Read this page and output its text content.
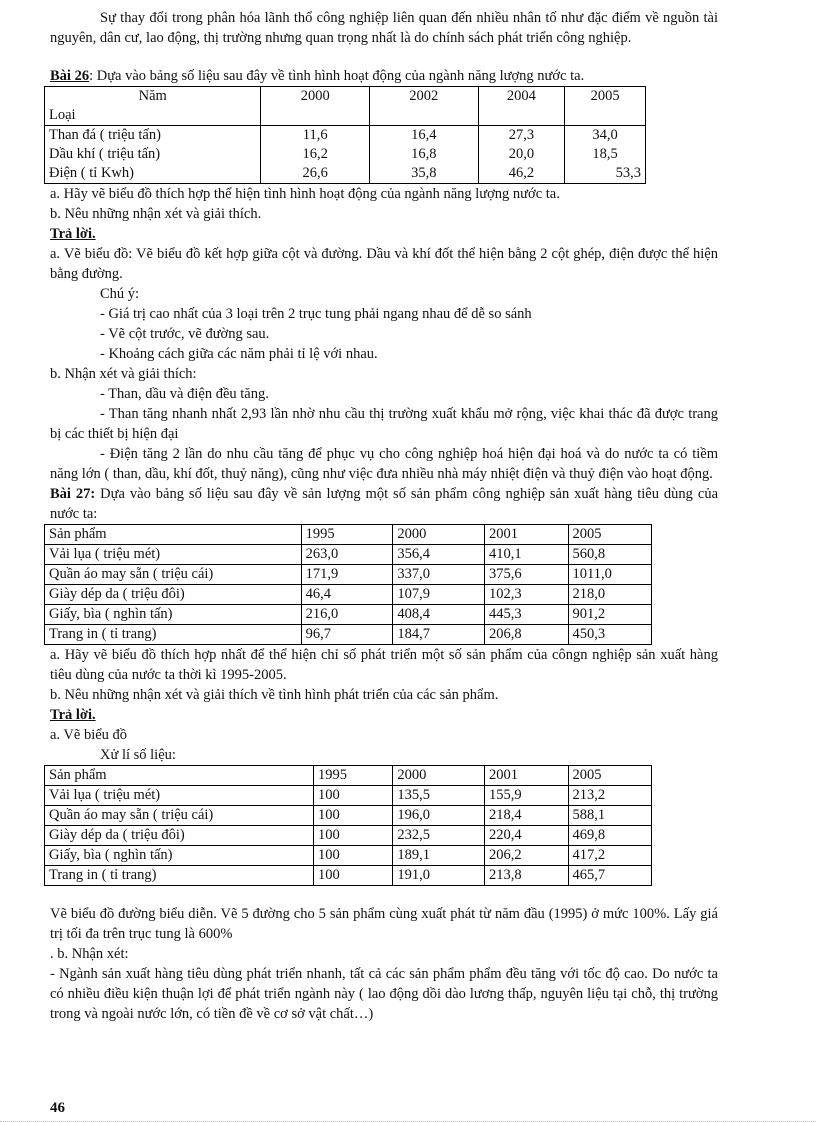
Sự thay đổi trong phân hóa lãnh thổ công nghiệp liên quan đến nhiều nhân tố như đặc điểm về nguồn tài nguyên, dân cư, lao động, thị trường nhưng quan trọng nhất là do chính sách phát triển công nghiệp.

Bài 26: Dựa vào bảng số liệu sau đây về tình hình hoạt động của ngành năng lượng nước ta.

Năm
Loại	2000	2002	2004	2005
Than đá ( triệu tấn)	11,6	16,4	27,3	34,0
Dầu khí ( triệu tấn)	16,2	16,8	20,0	18,5
Điện ( tỉ Kwh)	26,6	35,8	46,2	53,3

a. Hãy vẽ biểu đồ thích hợp thể hiện tình hình hoạt động của ngành năng lượng nước ta.

b. Nêu những nhận xét và giải thích.

Trả lời.

a. Vẽ biểu đồ: Vẽ biểu đồ kết hợp giữa cột và đường. Dầu và khí đốt thể hiện bằng 2 cột ghép, điện được thể hiện bằng đường.

Chú ý:

- Giá trị cao nhất của 3 loại trên 2 trục tung phải ngang nhau để dễ so sánh

- Vẽ cột trước, vẽ đường sau.

- Khoảng cách giữa các năm phải tỉ lệ với nhau.

b. Nhận xét và giải thích:

- Than, dầu và điện đều tăng.

- Than tăng nhanh nhất 2,93 lần nhờ nhu cầu thị trường xuất khẩu mở rộng, việc khai thác đã được trang bị các thiết bị hiện đại

- Điện tăng 2 lần do nhu cầu tăng để phục vụ cho công nghiệp hoá hiện đại hoá và do nước ta có tiềm năng lớn ( than, dầu, khí đốt, thuỷ năng), cũng như việc đưa nhiều nhà máy nhiệt điện và thuỷ điện vào hoạt động.

Bài 27: Dựa vào bảng số liệu sau đây về sản lượng một số sản phẩm công nghiệp sản xuất hàng tiêu dùng của nước ta:

Sản phẩm	1995	2000	2001	2005
Vải lụa ( triệu mét)	263,0	356,4	410,1	560,8
Quần áo may sẵn ( triệu cái)	171,9	337,0	375,6	1011,0
Giày dép da ( triệu đôi)	46,4	107,9	102,3	218,0
Giấy, bìa ( nghìn tấn)	216,0	408,4	445,3	901,2
Trang in ( tỉ trang)	96,7	184,7	206,8	450,3

a. Hãy vẽ biểu đồ thích hợp nhất để thể hiện chỉ số phát triển một số sản phẩm của côngn nghiệp sản xuất hàng tiêu dùng của nước ta thời kì 1995-2005.

b. Nêu những nhận xét và giải thích về tình hình phát triển của các sản phẩm.

Trả lời.

a. Vẽ biểu đồ

Xử lí số liệu:

Sản phẩm	1995	2000	2001	2005
Vải lụa ( triệu mét)	100	135,5	155,9	213,2
Quần áo may sẵn ( triệu cái)	100	196,0	218,4	588,1
Giày dép da ( triệu đôi)	100	232,5	220,4	469,8
Giấy, bìa ( nghìn tấn)	100	189,1	206,2	417,2
Trang in ( tỉ trang)	100	191,0	213,8	465,7

Vẽ biểu đồ đường biểu diễn. Vẽ 5 đường cho 5 sản phẩm cùng xuất phát từ năm đầu (1995) ở mức 100%. Lấy giá trị tối đa trên trục tung là 600%

. b. Nhận xét:

- Ngành sản xuất hàng tiêu dùng phát triển nhanh, tất cả các sản phẩm phẩm đều tăng với tốc độ cao. Do nước ta có nhiều điều kiện thuận lợi để phát triển ngành này ( lao động dồi dào lương thấp, nguyên liệu tại chỗ, thị trường trong và ngoài nước lớn, có tiền đề về cơ sở vật chất…)

46
